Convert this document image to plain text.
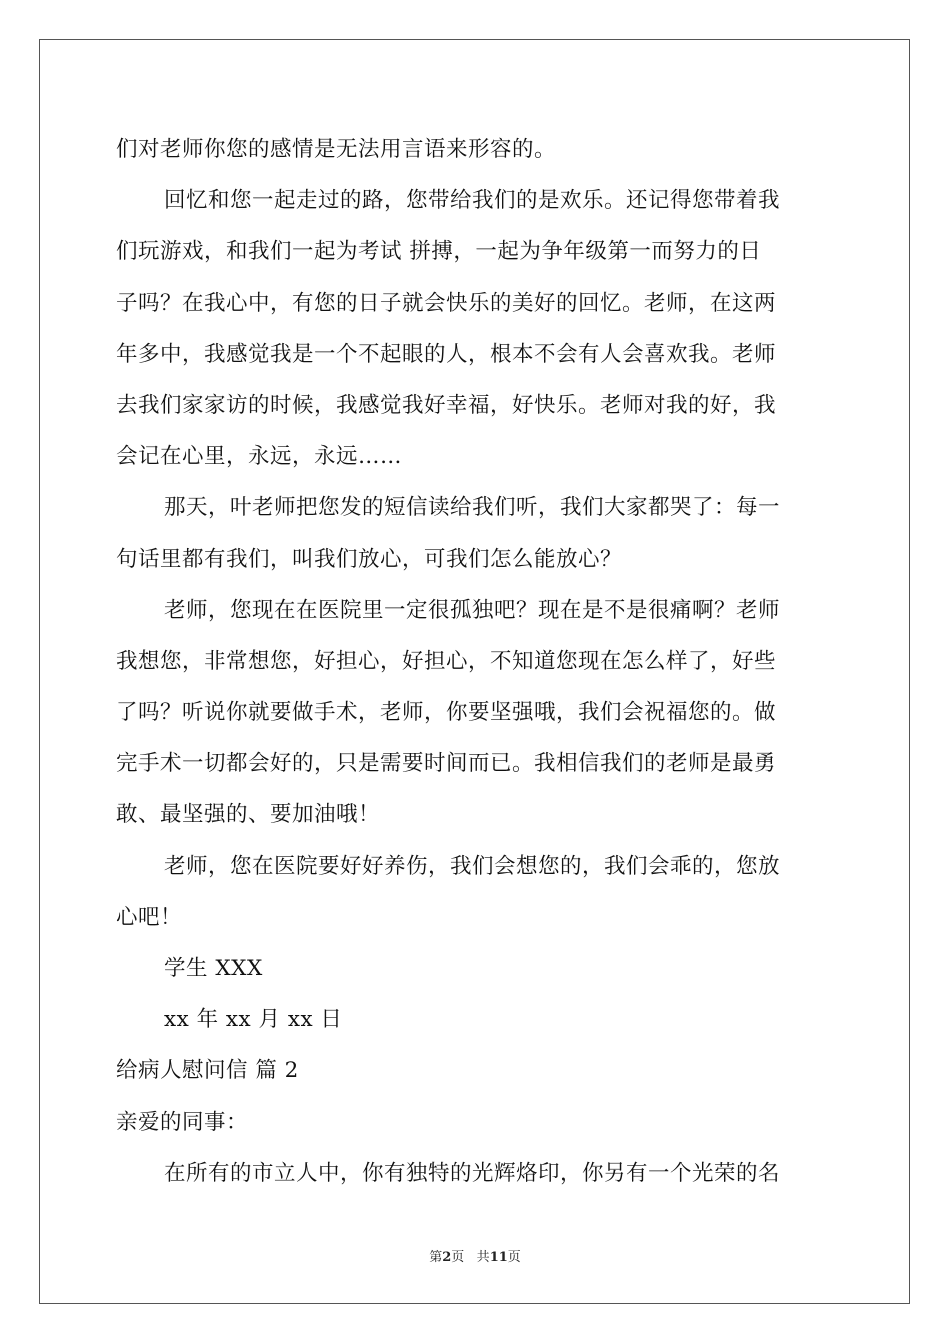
们对老师你您的感情是无法用言语来形容的。
回忆和您一起走过的路，您带给我们的是欢乐。还记得您带着我
们玩游戏，和我们一起为考试 拼搏，一起为争年级第一而努力的日
子吗？在我心中，有您的日子就会快乐的美好的回忆。老师，在这两
年多中，我感觉我是一个不起眼的人，根本不会有人会喜欢我。老师
去我们家家访的时候，我感觉我好幸福，好快乐。老师对我的好，我
会记在心里，永远，永远……
那天，叶老师把您发的短信读给我们听，我们大家都哭了：每一
句话里都有我们，叫我们放心，可我们怎么能放心？
老师，您现在在医院里一定很孤独吧？现在是不是很痛啊？老师
我想您，非常想您，好担心，好担心，不知道您现在怎么样了，好些
了吗？听说你就要做手术，老师，你要坚强哦，我们会祝福您的。做
完手术一切都会好的，只是需要时间而已。我相信我们的老师是最勇
敢、最坚强的、要加油哦！
老师，您在医院要好好养伤，我们会想您的，我们会乖的，您放
心吧！
学生 XXX
xx 年 xx 月 xx 日
给病人慰问信 篇 2
亲爱的同事：
在所有的市立人中，你有独特的光辉烙印，你另有一个光荣的名
第2页 共11页
